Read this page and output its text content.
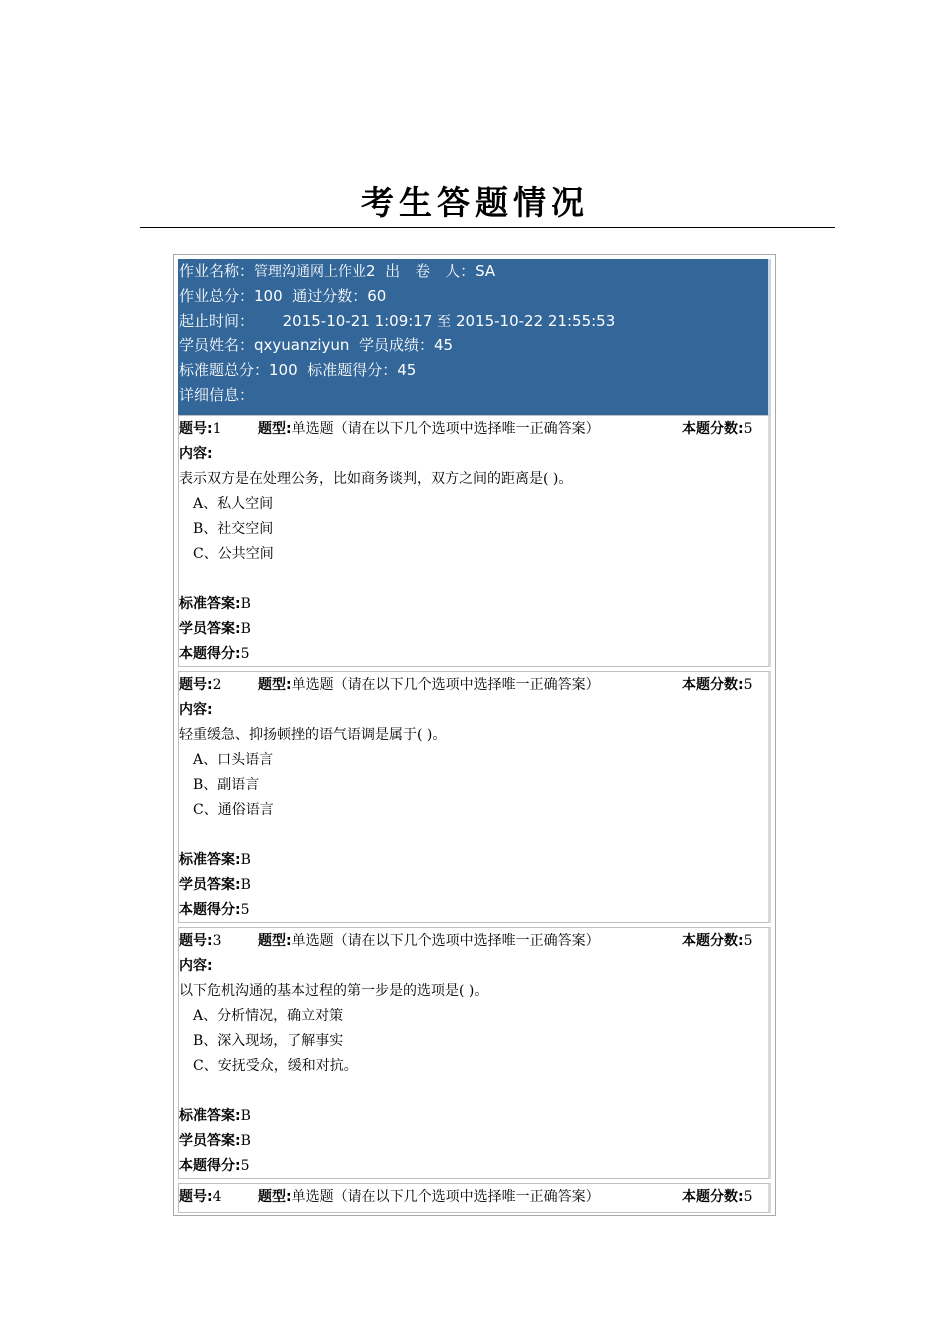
考生答题情况
作业名称：管理沟通网上作业2 出　卷　人：SA
作业总分：100 通过分数：60
起止时间： 2015-10-21 1:09:17 至 2015-10-22 21:55:53
学员姓名：qxyuanziyun 学员成绩：45
标准题总分：100 标准题得分：45
详细信息：
题号:1	题型:单选题（请在以下几个选项中选择唯一正确答案）	本题分数:5
内容:
表示双方是在处理公务，比如商务谈判，双方之间的距离是( )。
A、私人空间
B、社交空间
C、公共空间
标准答案:B
学员答案:B
本题得分:5
题号:2	题型:单选题（请在以下几个选项中选择唯一正确答案）	本题分数:5
内容:
轻重缓急、抑扬顿挫的语气语调是属于( )。
A、口头语言
B、副语言
C、通俗语言
标准答案:B
学员答案:B
本题得分:5
题号:3	题型:单选题（请在以下几个选项中选择唯一正确答案）	本题分数:5
内容:
以下危机沟通的基本过程的第一步是的选项是( )。
A、分析情况，确立对策
B、深入现场，了解事实
C、安抚受众，缓和对抗。
标准答案:B
学员答案:B
本题得分:5
题号:4	题型:单选题（请在以下几个选项中选择唯一正确答案）	本题分数:5
